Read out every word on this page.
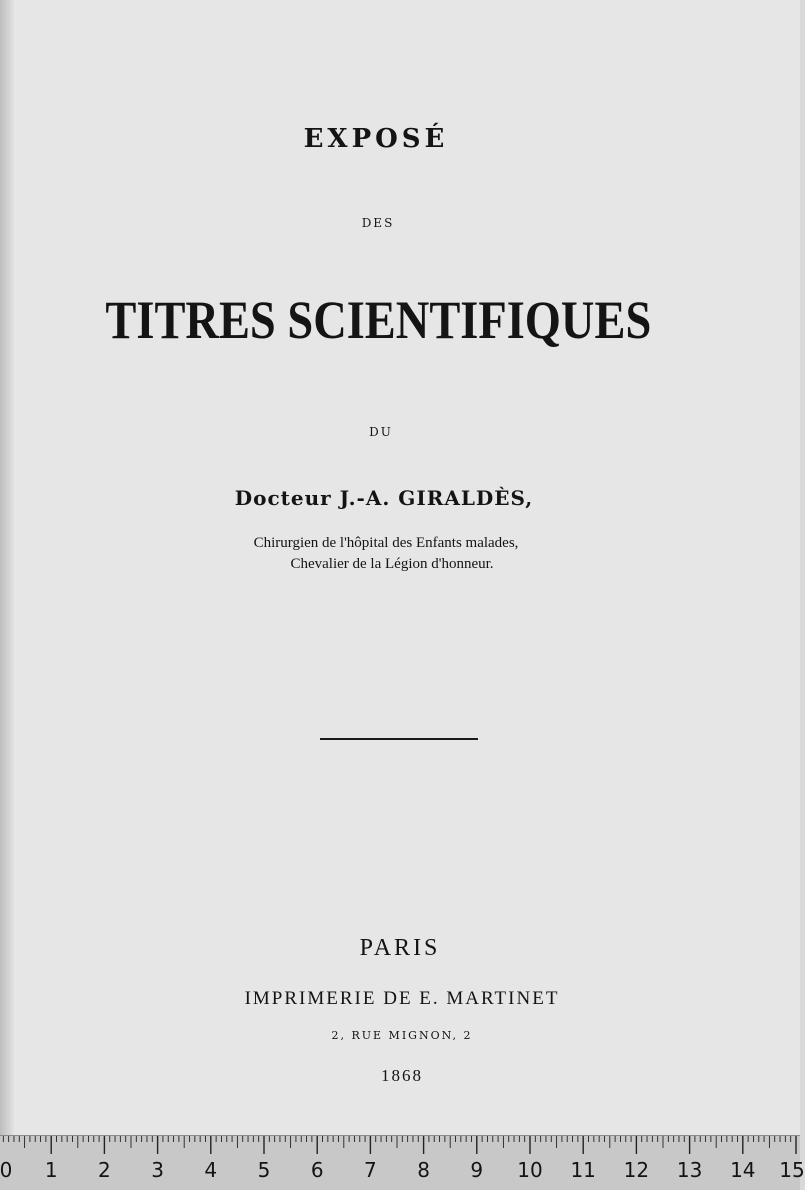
EXPOSÉ
DES
TITRES SCIENTIFIQUES
DU
Docteur J.-A. GIRALDÈS,
Chirurgien de l'hôpital des Enfants malades,
Chevalier de la Légion d'honneur.
PARIS
IMPRIMERIE DE E. MARTINET
2, RUE MIGNON, 2
1868
0 1 2 3 4 5 6 7 8 9 10 11 12 13 14 15
